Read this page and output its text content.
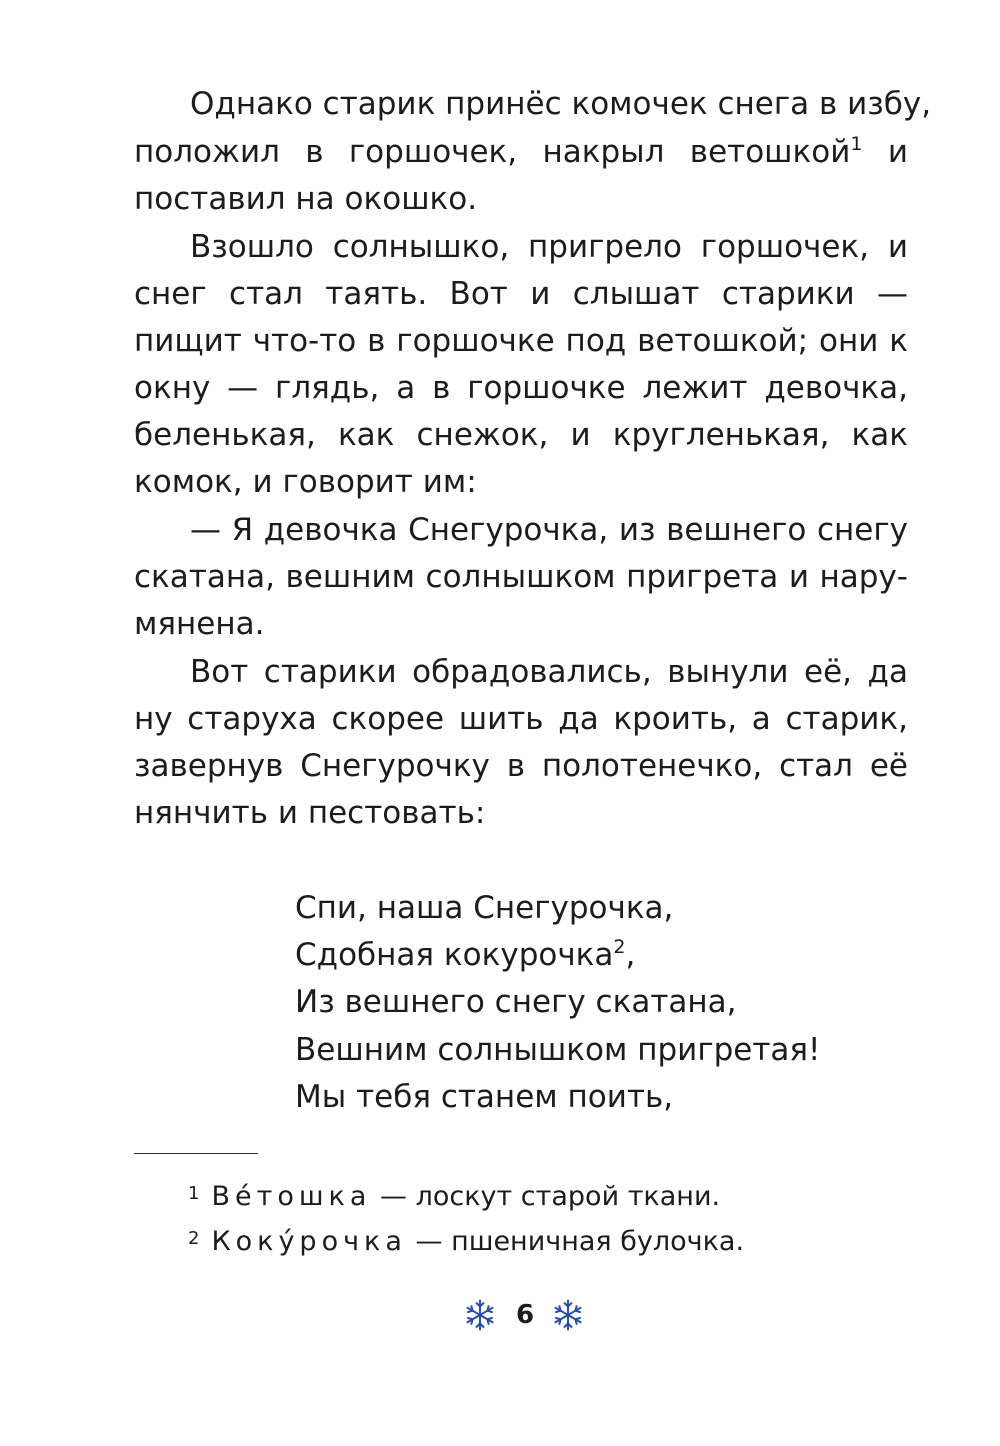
Однако старик принёс комочек снега в избу,
положил в горшочек, накрыл ветошкой$^1$ и
поставил на окошко.
Взошло солнышко, пригрело горшочек, и
снег стал таять. Вот и слышат старики —
пищит что-то в горшочке под ветошкой; они к
окну — глядь, а в горшочке лежит девочка,
беленькая, как снежок, и кругленькая, как
комок, и говорит им:
— Я девочка Снегурочка, из вешнего снегу
скатана, вешним солнышком пригрета и нару-
мянена.
Вот старики обрадовались, вынули её, да
ну старуха скорее шить да кроить, а старик,
завернув Снегурочку в полотенечко, стал её
нянчить и пестовать:
Спи, наша Снегурочка,
Сдобная кокурочка$^2$,
Из вешнего снегу скатана,
Вешним солнышком пригретая!
Мы тебя станем поить,
$^1$ Ве́тошка — лоскут старой ткани.
$^2$ Коку́рочка — пшеничная булочка.
6
